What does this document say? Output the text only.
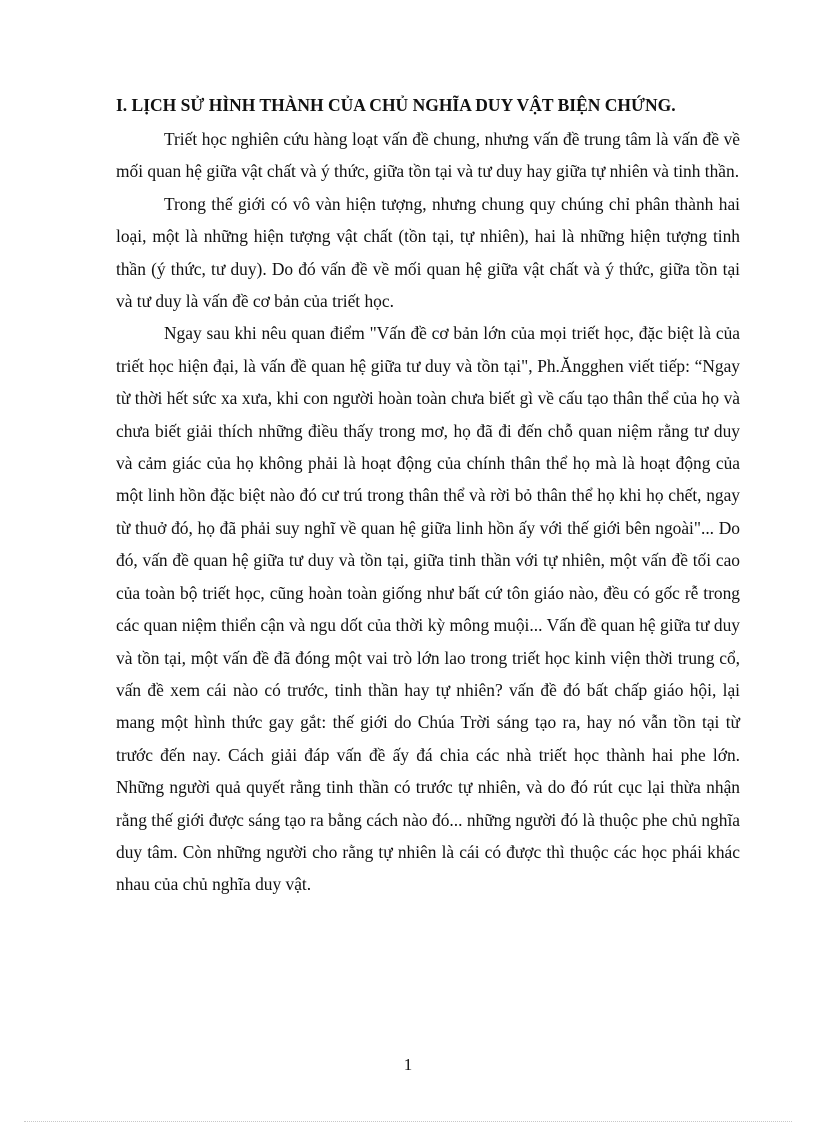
I. LỊCH SỬ HÌNH THÀNH CỦA CHỦ NGHĨA DUY VẬT BIỆN CHỨNG.

Triết học nghiên cứu hàng loạt vấn đề chung, nhưng vấn đề trung tâm là vấn đề về mối quan hệ giữa vật chất và ý thức, giữa tồn tại và tư duy hay giữa tự nhiên và tinh thần.

Trong thế giới có vô vàn hiện tượng, nhưng chung quy chúng chỉ phân thành hai loại, một là những hiện tượng vật chất (tồn tại, tự nhiên), hai là những hiện tượng tinh thần (ý thức, tư duy). Do đó vấn đề về mối quan hệ giữa vật chất và ý thức, giữa tồn tại và tư duy là vấn đề cơ bản của triết học.

Ngay sau khi nêu quan điểm "Vấn đề cơ bản lớn của mọi triết học, đặc biệt là của triết học hiện đại, là vấn đề quan hệ giữa tư duy và tồn tại", Ph.Ăngghen viết tiếp: “Ngay từ thời hết sức xa xưa, khi con người hoàn toàn chưa biết gì về cấu tạo thân thể của họ và chưa biết giải thích những điều thấy trong mơ, họ đã đi đến chỗ quan niệm rằng tư duy và cảm giác của họ không phải là hoạt động của chính thân thể họ mà là hoạt động của một linh hồn đặc biệt nào đó cư trú trong thân thể và rời bỏ thân thể họ khi họ chết, ngay từ thuở đó, họ đã phải suy nghĩ về quan hệ giữa linh hồn ấy với thế giới bên ngoài"... Do đó, vấn đề quan hệ giữa tư duy và tồn tại, giữa tinh thần với tự nhiên, một vấn đề tối cao của toàn bộ triết học, cũng hoàn toàn giống như bất cứ tôn giáo nào, đều có gốc rễ trong các quan niệm thiển cận và ngu dốt của thời kỳ mông muội... Vấn đề quan hệ giữa tư duy và tồn tại, một vấn đề đã đóng một vai trò lớn lao trong triết học kinh viện thời trung cổ, vấn đề xem cái nào có trước, tinh thần hay tự nhiên? vấn đề đó bất chấp giáo hội, lại mang một hình thức gay gắt: thế giới do Chúa Trời sáng tạo ra, hay nó vẫn tồn tại từ trước đến nay. Cách giải đáp vấn đề ấy đá chia các nhà triết học thành hai phe lớn. Những người quả quyết rằng tinh thần có trước tự nhiên, và do đó rút cục lại thừa nhận rằng thế giới được sáng tạo ra bằng cách nào đó... những người đó là thuộc phe chủ nghĩa duy tâm. Còn những người cho rằng tự nhiên là cái có được thì thuộc các học phái khác nhau của chủ nghĩa duy vật.

1
